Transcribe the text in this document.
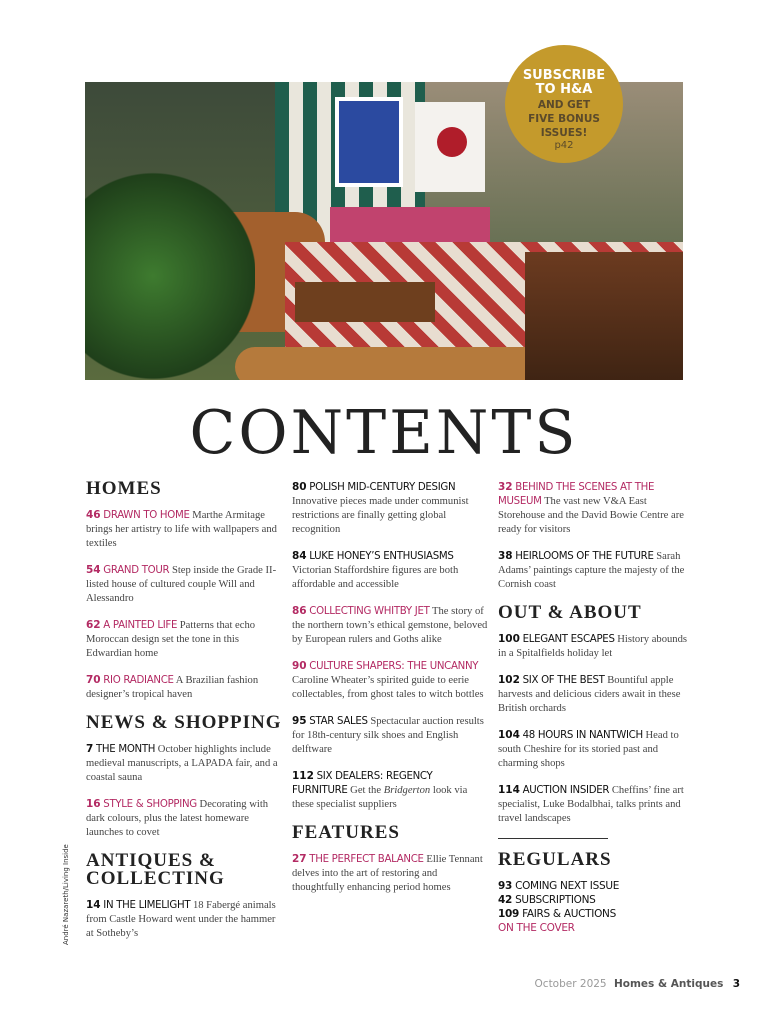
SUBSCRIBE
TO H&A
AND GET
FIVE BONUS
ISSUES!
p42
CONTENTS
HOMES
46 DRAWN TO HOME Marthe Armitage brings her artistry to life with wallpapers and textiles
54 GRAND TOUR Step inside the Grade II-listed house of cultured couple Will and Alessandro
62 A PAINTED LIFE Patterns that echo Moroccan design set the tone in this Edwardian home
70 RIO RADIANCE A Brazilian fashion designer’s tropical haven
NEWS & SHOPPING
7 THE MONTH October highlights include medieval manuscripts, a LAPADA fair, and a coastal sauna
16 STYLE & SHOPPING Decorating with dark colours, plus the latest homeware launches to covet
ANTIQUES & COLLECTING
14 IN THE LIMELIGHT 18 Fabergé animals from Castle Howard went under the hammer at Sotheby’s
80 POLISH MID-CENTURY DESIGN Innovative pieces made under communist restrictions are finally getting global recognition
84 LUKE HONEY’S ENTHUSIASMS Victorian Staffordshire figures are both affordable and accessible
86 COLLECTING WHITBY JET The story of the northern town’s ethical gemstone, beloved by European rulers and Goths alike
90 CULTURE SHAPERS: THE UNCANNY Caroline Wheater’s spirited guide to eerie collectables, from ghost tales to witch bottles
95 STAR SALES Spectacular auction results for 18th-century silk shoes and English delftware
112 SIX DEALERS: REGENCY FURNITURE Get the Bridgerton look via these specialist suppliers
FEATURES
27 THE PERFECT BALANCE Ellie Tennant delves into the art of restoring and thoughtfully enhancing period homes
32 BEHIND THE SCENES AT THE MUSEUM The vast new V&A East Storehouse and the David Bowie Centre are ready for visitors
38 HEIRLOOMS OF THE FUTURE Sarah Adams’ paintings capture the majesty of the Cornish coast
OUT & ABOUT
100 ELEGANT ESCAPES History abounds in a Spitalfields holiday let
102 SIX OF THE BEST Bountiful apple harvests and delicious ciders await in these British orchards
104 48 HOURS IN NANTWICH Head to south Cheshire for its storied past and charming shops
114 AUCTION INSIDER Cheffins’ fine art specialist, Luke Bodalbhai, talks prints and travel landscapes
REGULARS
93 COMING NEXT ISSUE
42 SUBSCRIPTIONS
109 FAIRS & AUCTIONS
ON THE COVER
André Nazareth/Living Inside
October 2025 Homes & Antiques 3
